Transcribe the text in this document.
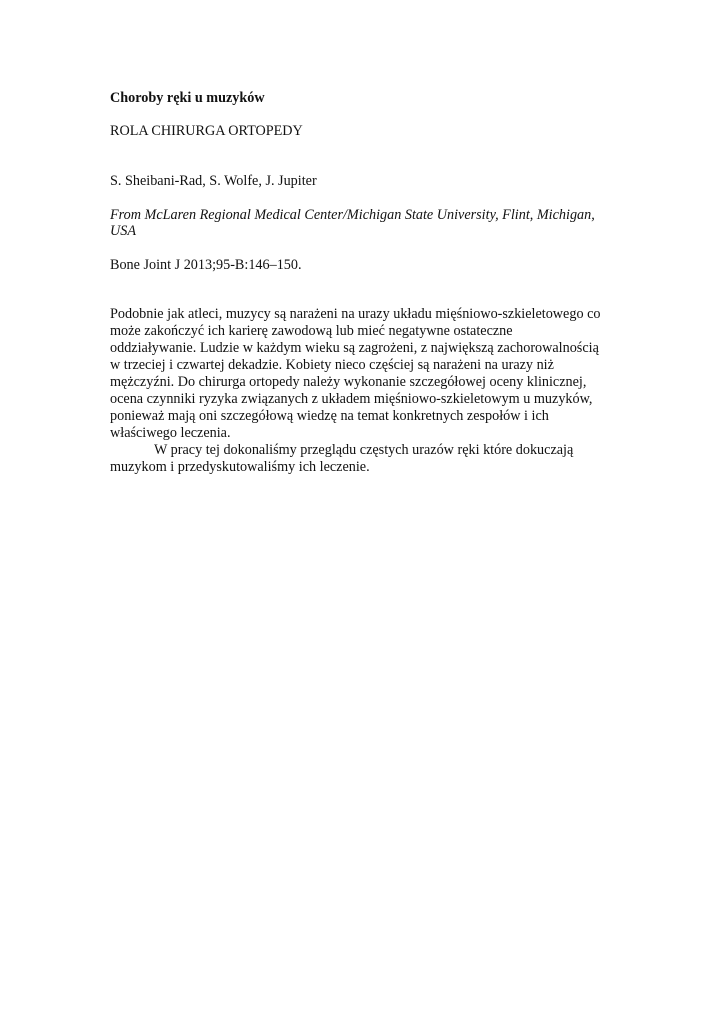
Choroby ręki u muzyków
ROLA CHIRURGA ORTOPEDY
S. Sheibani-Rad, S. Wolfe, J. Jupiter
From McLaren Regional Medical Center/Michigan State University, Flint, Michigan,
USA
Bone Joint J 2013;95-B:146–150.
Podobnie jak atleci, muzycy są narażeni na urazy układu mięśniowo-szkieletowego co
może zakończyć ich karierę zawodową lub mieć negatywne ostateczne
oddziaływanie. Ludzie w każdym wieku są zagrożeni, z największą zachorowalnością
w trzeciej i czwartej dekadzie. Kobiety nieco częściej są narażeni na urazy niż
mężczyźni. Do chirurga ortopedy należy wykonanie szczegółowej oceny klinicznej,
ocena czynniki ryzyka związanych z układem mięśniowo-szkieletowym u muzyków,
ponieważ mają oni szczegółową wiedzę na temat konkretnych zespołów i ich
właściwego leczenia.
W pracy tej dokonaliśmy przeglądu częstych urazów ręki które dokuczają
muzykom i przedyskutowaliśmy ich leczenie.
